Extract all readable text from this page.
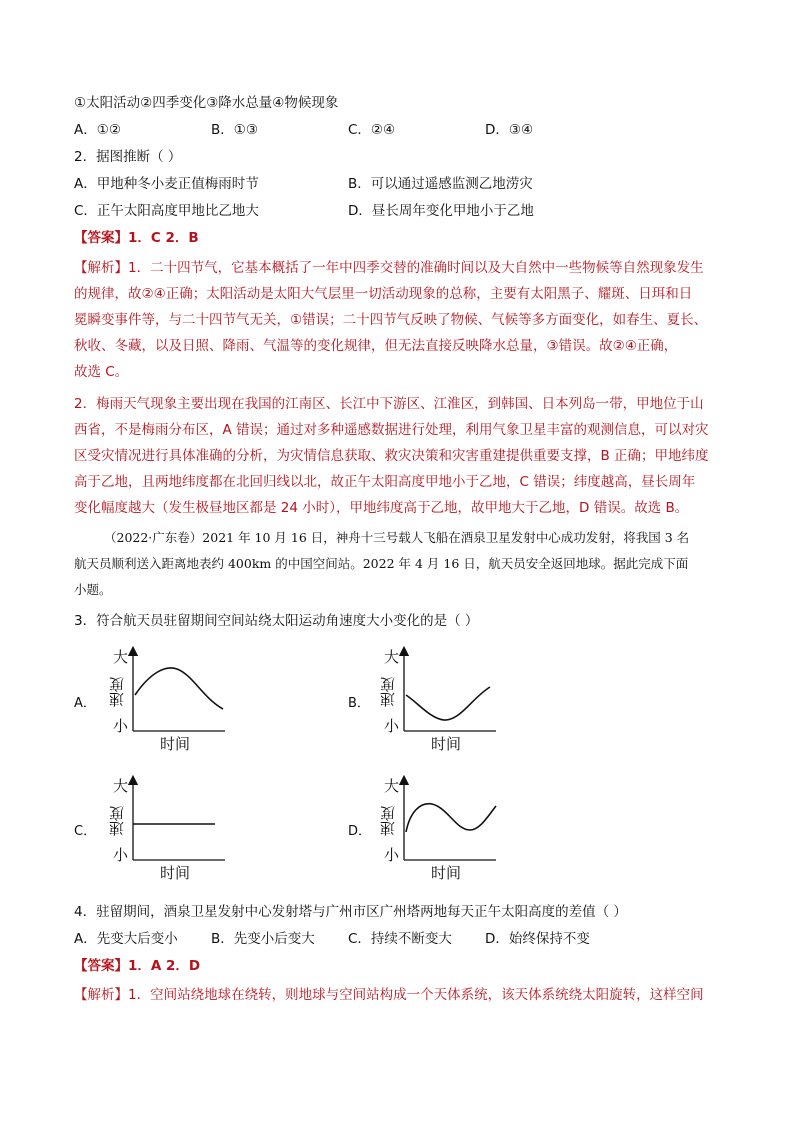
①太阳活动②四季变化③降水总量④物候现象
A．①②	B．①③	C．②④	D．③④
2．据图推断（ ）
A．甲地种冬小麦正值梅雨时节	B．可以通过遥感监测乙地涝灾
C．正午太阳高度甲地比乙地大	D．昼长周年变化甲地小于乙地
【答案】1．C 2．B
【解析】1．二十四节气，它基本概括了一年中四季交替的准确时间以及大自然中一些物候等自然现象发生
的规律，故②④正确；太阳活动是太阳大气层里一切活动现象的总称，主要有太阳黑子、耀斑、日珥和日
冕瞬变事件等，与二十四节气无关，①错误；二十四节气反映了物候、气候等多方面变化，如春生、夏长、
秋收、冬藏，以及日照、降雨、气温等的变化规律，但无法直接反映降水总量，③错误。故②④正确，
故选 C。
2．梅雨天气现象主要出现在我国的江南区、长江中下游区、江淮区，到韩国、日本列岛一带，甲地位于山
西省，不是梅雨分布区，A 错误；通过对多种遥感数据进行处理，利用气象卫星丰富的观测信息，可以对灾
区受灾情况进行具体准确的分析，为灾情信息获取、救灾决策和灾害重建提供重要支撑，B 正确；甲地纬度
高于乙地，且两地纬度都在北回归线以北，故正午太阳高度甲地小于乙地，C 错误；纬度越高，昼长周年
变化幅度越大（发生极昼地区都是 24 小时），甲地纬度高于乙地，故甲地大于乙地，D 错误。故选 B。
（2022·广东卷）2021 年 10 月 16 日，神舟十三号载人飞船在酒泉卫星发射中心成功发射，将我国 3 名
航天员顺利送入距离地表约 400km 的中国空间站。2022 年 4 月 16 日，航天员安全返回地球。据此完成下面
小题。
3．符合航天员驻留期间空间站绕太阳运动角速度大小变化的是（ ）
A．
大
速度
小
时间
B．
大
速度
小
时间
C．
大
速度
小
时间
D．
大
速度
小
时间
4．驻留期间，酒泉卫星发射中心发射塔与广州市区广州塔两地每天正午太阳高度的差值（ ）
A．先变大后变小 B．先变小后变大 C．持续不断变大 D．始终保持不变
【答案】1．A 2．D
【解析】1．空间站绕地球在绕转，则地球与空间站构成一个天体系统，该天体系统绕太阳旋转，这样空间
